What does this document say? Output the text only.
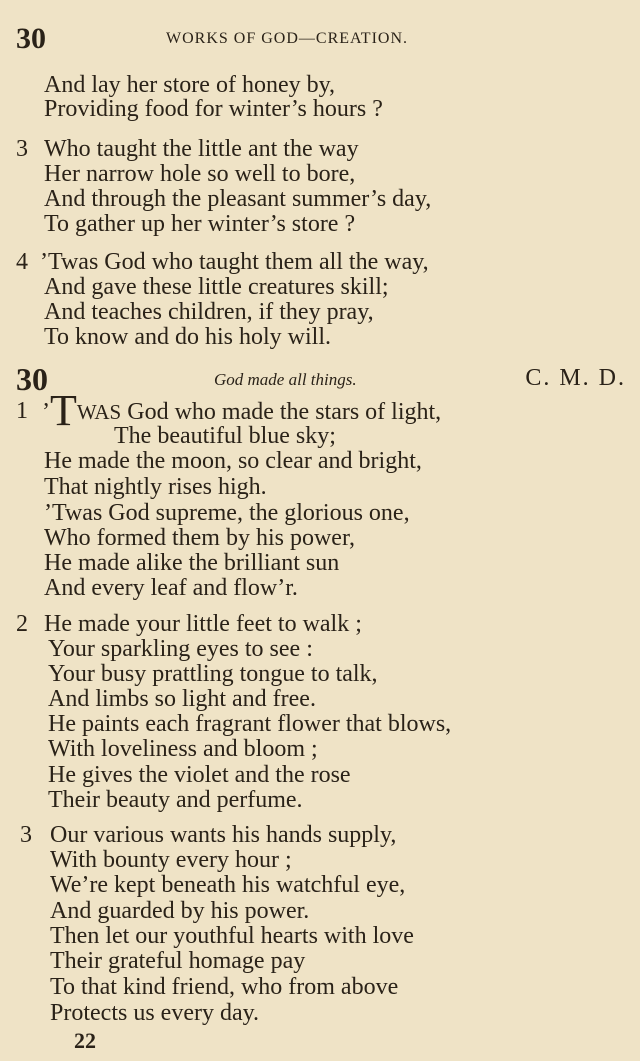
30	WORKS OF GOD—CREATION.
And lay her store of honey by,
Providing food for winter’s hours ?
3 Who taught the little ant the way
Her narrow hole so well to bore,
And through the pleasant summer’s day,
To gather up her winter’s store ?
4 ’Twas God who taught them all the way,
And gave these little creatures skill;
And teaches children, if they pray,
To know and do his holy will.
30	God made all things.	C. M. D.
1 ’TWAS God who made the stars of light,
The beautiful blue sky;
He made the moon, so clear and bright,
That nightly rises high.
’Twas God supreme, the glorious one,
Who formed them by his power,
He made alike the brilliant sun
And every leaf and flow’r.
2 He made your little feet to walk ;
Your sparkling eyes to see :
Your busy prattling tongue to talk,
And limbs so light and free.
He paints each fragrant flower that blows,
With loveliness and bloom ;
He gives the violet and the rose
Their beauty and perfume.
3 Our various wants his hands supply,
With bounty every hour ;
We’re kept beneath his watchful eye,
And guarded by his power.
Then let our youthful hearts with love
Their grateful homage pay
To that kind friend, who from above
Protects us every day.
22
